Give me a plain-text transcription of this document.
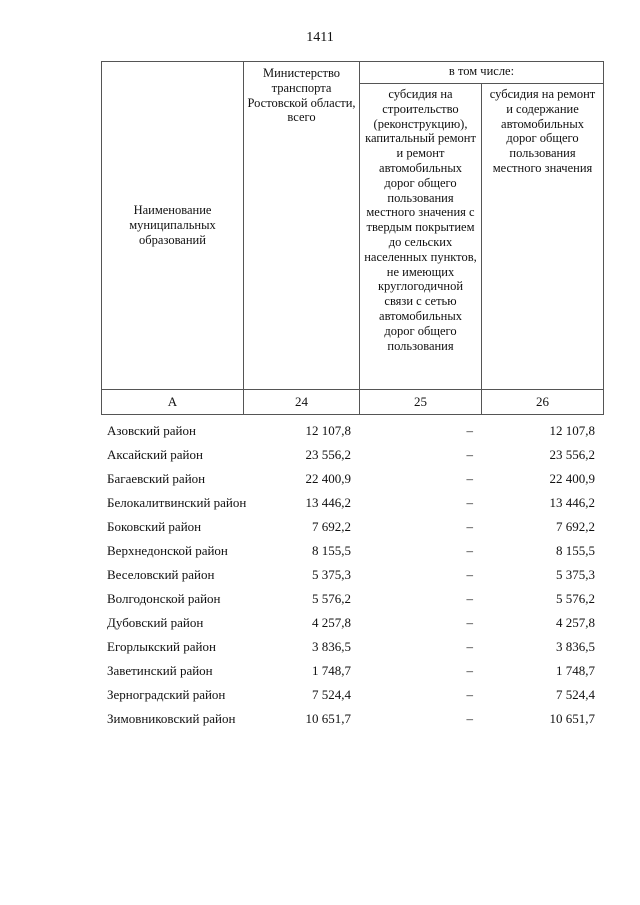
1411
Наименование муниципальных образований	Министерство транспорта Ростовской области, всего	в том числе:	
		субсидия на строительство (реконструкцию), капитальный ремонт и ремонт автомобильных дорог общего пользования местного значения с твердым покрытием до сельских населенных пунктов, не имеющих круглогодичной связи с сетью автомобильных дорог общего пользования	субсидия на ремонт и содержание автомобильных дорог общего пользования местного значения
А	24	25	26
Азовский район	12 107,8	–	12 107,8
Аксайский район	23 556,2	–	23 556,2
Багаевский район	22 400,9	–	22 400,9
Белокалитвинский район	13 446,2	–	13 446,2
Боковский район	7 692,2	–	7 692,2
Верхнедонской район	8 155,5	–	8 155,5
Веселовский район	5 375,3	–	5 375,3
Волгодонской район	5 576,2	–	5 576,2
Дубовский район	4 257,8	–	4 257,8
Егорлыкский район	3 836,5	–	3 836,5
Заветинский район	1 748,7	–	1 748,7
Зерноградский район	7 524,4	–	7 524,4
Зимовниковский район	10 651,7	–	10 651,7
